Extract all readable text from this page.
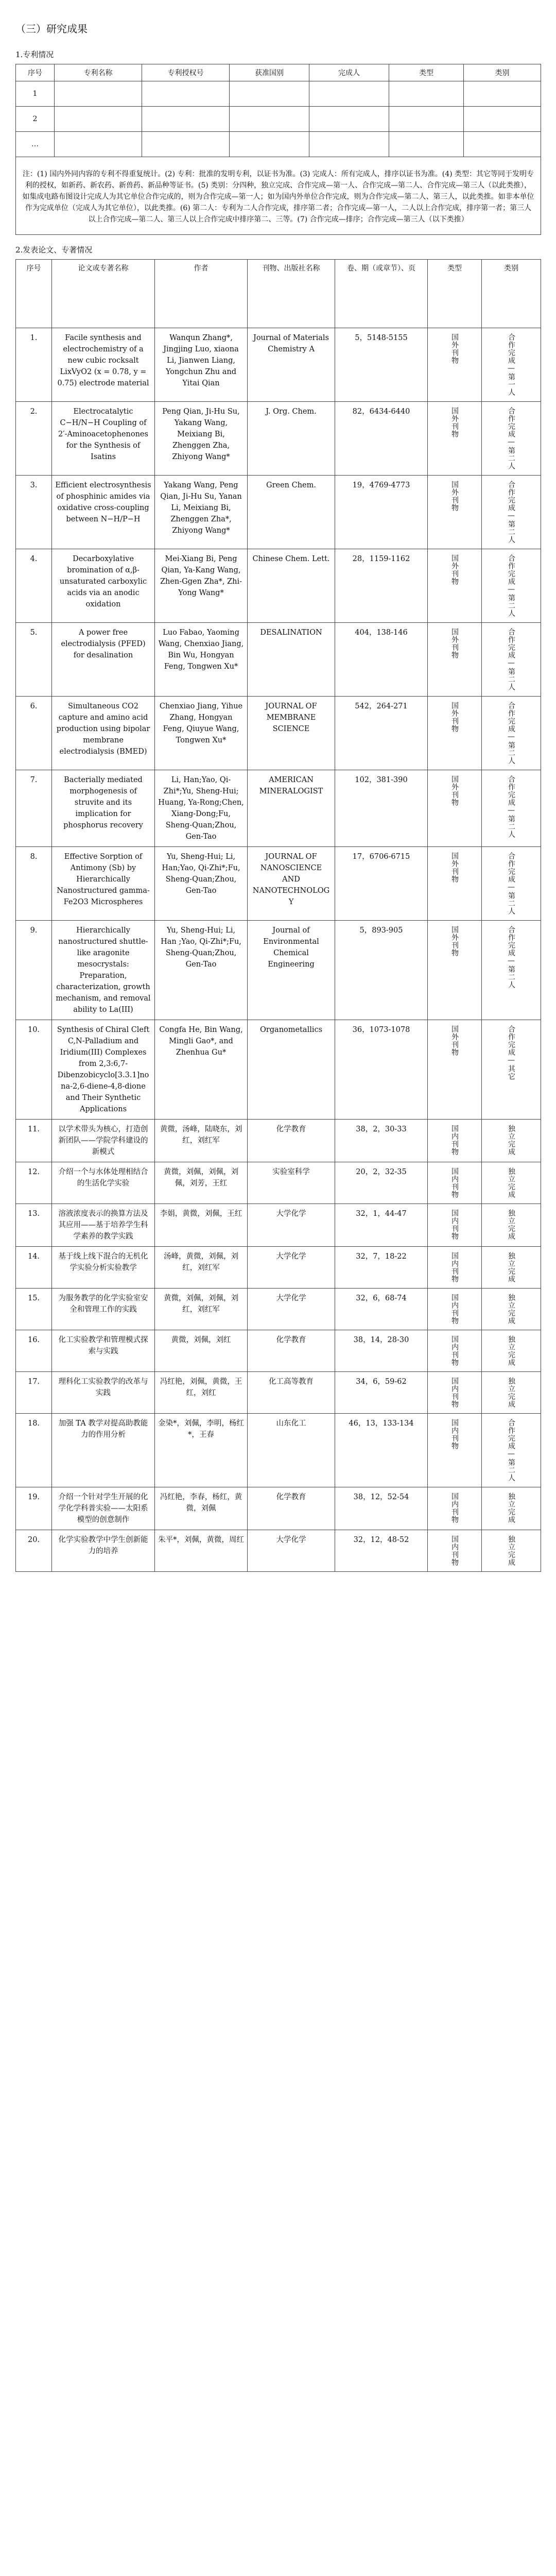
（三）研究成果
1.专利情况
序号	专利名称	专利授权号	获准国别	完成人	类型	类别
1						
2						
…						
注：(1) 国内外同内容的专利不得重复统计。(2) 专利：批准的发明专利，以证书为准。(3) 完成人：所有完成人，排序以证书为准。(4) 类型：其它等同于发明专利的授权，如新药、新农药、新兽药、新品种等证书。(5) 类别：分四种，独立完成、合作完成—第一人、合作完成—第二人、合作完成—第三人（以此类推），如集成电路布图设计完成人为其它单位合作完成的，则为合作完成—第一人；如为国内外单位合作完成，则为合作完成—第二人、第三人，以此类推。如非本单位作为完成单位（完成人为其它单位），以此类推。(6) 第二人：专利为二人合作完成，排序第二者；合作完成—第一人，二人以上合作完成，排序第一者；第三人以上合作完成—第二人、第三人以上合作完成中排序第二、三等。(7) 合作完成—排序；合作完成—第三人（以下类推）						
2.发表论文、专著情况
序号	论文或专著名称	作者	刊物、出版社名称	卷、期（或章节）、页	类型	类别
1.	Facile synthesis and electrochemistry of a new cubic rocksalt LixVyO2 (x = 0.78, y = 0.75) electrode material	Wanqun Zhang*, Jingjing Luo, xiaona Li, Jianwen Liang, Yongchun Zhu and Yitai Qian	Journal of Materials Chemistry A	5，5148-5155	国外刊物	合作完成—第一人

2.	Electrocatalytic C−H/N−H Coupling of 2′-Aminoacetophenones for the Synthesis of Isatins	Peng Qian, Ji-Hu Su, Yakang Wang, Meixiang Bi, Zhenggen Zha, Zhiyong Wang*	J. Org. Chem.	82，6434-6440	国外刊物	合作完成—第二人

3.	Efficient electrosynthesis of phosphinic amides via oxidative cross-coupling between N−H/P−H	Yakang Wang, Peng Qian, Ji-Hu Su, Yanan Li, Meixiang Bi, Zhenggen Zha*, Zhiyong Wang*	Green Chem.	19，4769-4773	国外刊物	合作完成—第二人

4.	Decarboxylative bromination of α,β-unsaturated carboxylic acids via an anodic oxidation	Mei-Xiang Bi, Peng Qian, Ya-Kang Wang, Zhen-Ggen Zha*, Zhi-Yong Wang*	Chinese Chem. Lett.	28，1159-1162	国外刊物	合作完成—第二人

5.	A power free electrodialysis (PFED) for desalination	Luo Fabao, Yaoming Wang, Chenxiao Jiang, Bin Wu, Hongyan Feng, Tongwen Xu*	DESALINATION	404，138-146	国外刊物	合作完成—第二人

6.	Simultaneous CO2 capture and amino acid production using bipolar membrane electrodialysis (BMED)	Chenxiao Jiang, Yihue Zhang, Hongyan Feng, Qiuyue Wang, Tongwen Xu*	JOURNAL OF MEMBRANE SCIENCE	542，264-271	国外刊物	合作完成—第二人

7.	Bacterially mediated morphogenesis of struvite and its implication for phosphorus recovery	Li, Han;Yao, Qi-Zhi*;Yu, Sheng-Hui; Huang, Ya-Rong;Chen, Xiang-Dong;Fu, Sheng-Quan;Zhou, Gen-Tao	AMERICAN MINERALOGIST	102，381-390	国外刊物	合作完成—第二人

8.	Effective Sorption of Antimony (Sb) by Hierarchically Nanostructured gamma-Fe2O3 Microspheres	Yu, Sheng-Hui; Li, Han;Yao, Qi-Zhi*;Fu, Sheng-Quan;Zhou, Gen-Tao	JOURNAL OF NANOSCIENCE AND NANOTECHNOLOGY	17，6706-6715	国外刊物	合作完成—第二人

9.	Hierarchically nanostructured shuttle-like aragonite mesocrystals: Preparation, characterization, growth mechanism, and removal ability to La(III)	Yu, Sheng-Hui; Li, Han ;Yao, Qi-Zhi*;Fu, Sheng-Quan;Zhou, Gen-Tao	Journal of Environmental Chemical Engineering	5，893-905	国外刊物	合作完成—第二人

10.	Synthesis of Chiral Cleft C,N-Palladium and Iridium(III) Complexes from 2,3:6,7-Dibenzobicyclo[3.3.1]nona-2,6-diene-4,8-dione and Their Synthetic Applications	Congfa He, Bin Wang, Mingli Gao*, and Zhenhua Gu*	Organometallics	36，1073-1078	国外刊物	合作完成—其它

11.	以学术带头为核心，打造创新团队——学院学科建设的新模式	黄微，汤峰，陆晓东，刘红，刘红军	化学教育	38，2，30-33	国内刊物	独立完成

12.	介绍一个与水体处理相结合的生活化学实验	黄微，刘佩，刘佩，刘佩，刘芳，王红	实验室科学	20，2，32-35	国内刊物	独立完成

13.	溶液浓度表示的换算方法及其应用——基于培养学生科学素养的教学实践	李娟，黄微，刘佩，王红	大学化学	32，1，44-47	国内刊物	独立完成

14.	基于线上线下混合的无机化学实验分析实验教学	汤峰，黄微，刘佩，刘红，刘红军	大学化学	32，7，18-22	国内刊物	独立完成

15.	为服务教学的化学实验室安全和管理工作的实践	黄微，刘佩，刘佩，刘红，刘红军	大学化学	32，6，68-74	国内刊物	独立完成

16.	化工实验教学和管理模式探索与实践	黄微，刘佩，刘红	化学教育	38，14，28-30	国内刊物	独立完成

17.	理科化工实验教学的改革与实践	冯红艳，刘佩，黄微，王红，刘红	化工高等教育	34，6，59-62	国内刊物	独立完成

18.	加强 TA 教学对提高助教能力的作用分析	金染*，刘佩，李明，杨红*，王春	山东化工	46，13，133-134	国内刊物	合作完成—第二人

19.	介绍一个针对学生开展的化学化学科普实验——太阳系模型的创意制作	冯红艳，李春，杨红，黄微，刘佩	化学教育	38，12，52-54	国内刊物	独立完成

20.	化学实验教学中学生创新能力的培养	朱平*，刘佩，黄微，周红	大学化学	32，12，48-52	国内刊物	独立完成
